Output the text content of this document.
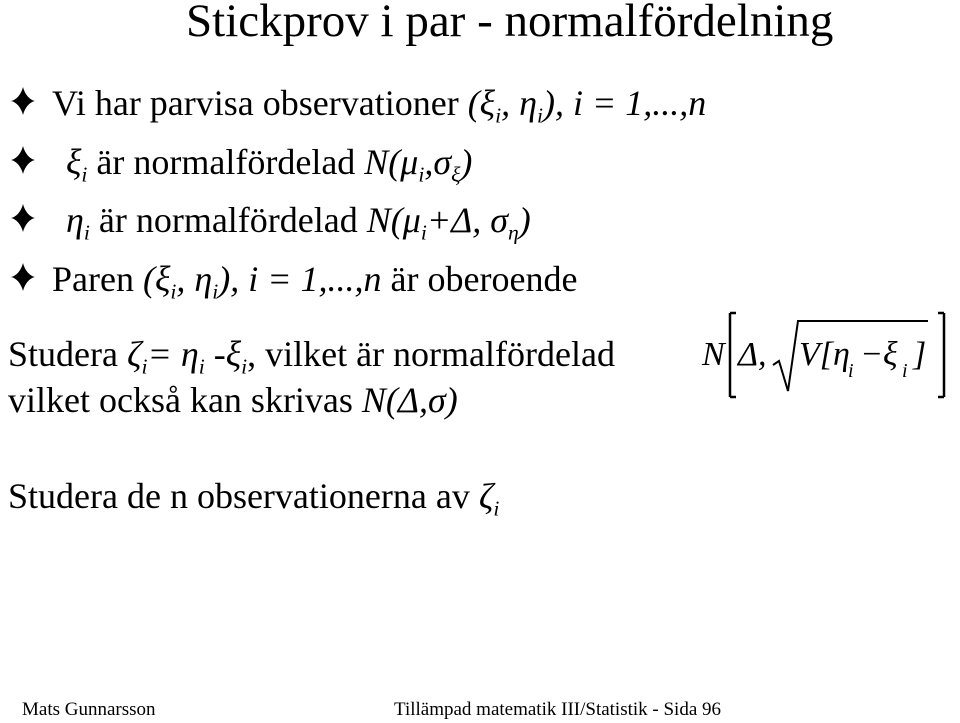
Stickprov i par - normalfördelning
Vi har parvisa observationer ($\xi_i$, $\eta_i$), i = 1,...,n
$\xi_i$ är normalfördelad $N(\mu_i,\sigma_\xi)$
$\eta_i$ är normalfördelad $N(\mu_i+\Delta$, $\sigma_\eta$)
Paren ($\xi_i$, $\eta_i$), i = 1,...,n är oberoende
Studera $\zeta_i= \eta_i$ $-\xi_i$, vilket är normalfördelad
vilket också kan skrivas N(Δ,σ)
Studera de n observationerna av $\zeta_i$
N Δ, V[η
i −ξ i ]
Mats Gunnarsson	Tillämpad matematik III/Statistik - Sida 96
